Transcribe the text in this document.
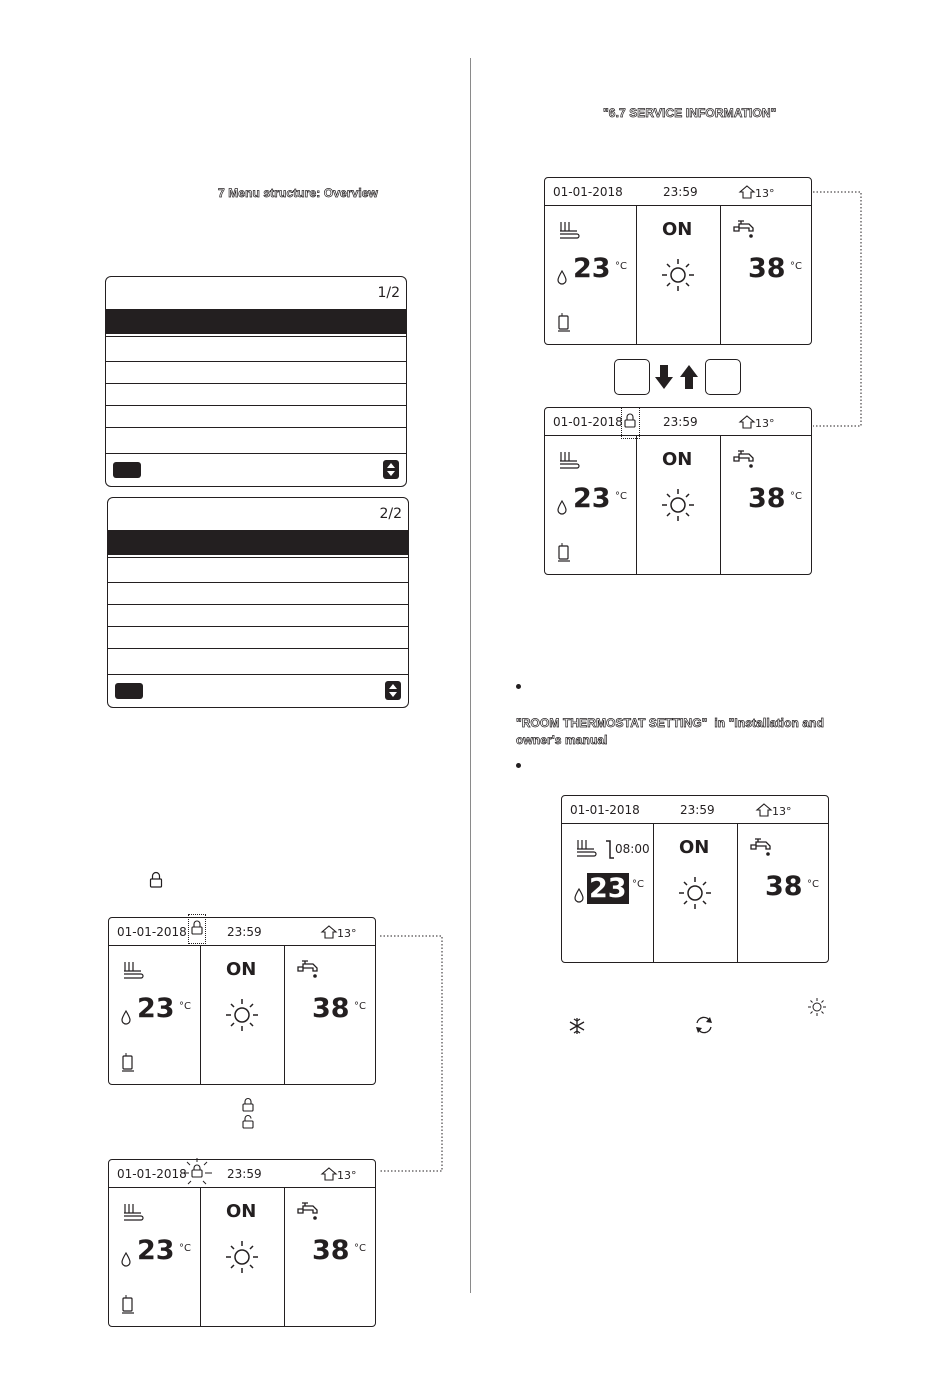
7 Menu structure: Overview
1/2
2/2
01-01-2018	23:59	13°
ON
23 °C	38 °C
01-01-2018	23:59	13°
ON
23 °C	38 °C
"6.7 SERVICE INFORMATION"
01-01-2018	23:59	13°
ON
23 °C	38 °C
01-01-2018	23:59	13°
ON
23 °C	38 °C
"ROOM THERMOSTAT SETTING" in "Installation and
owner's manual
01-01-2018	23:59	13°
08:00 ON
23 °C	38 °C
